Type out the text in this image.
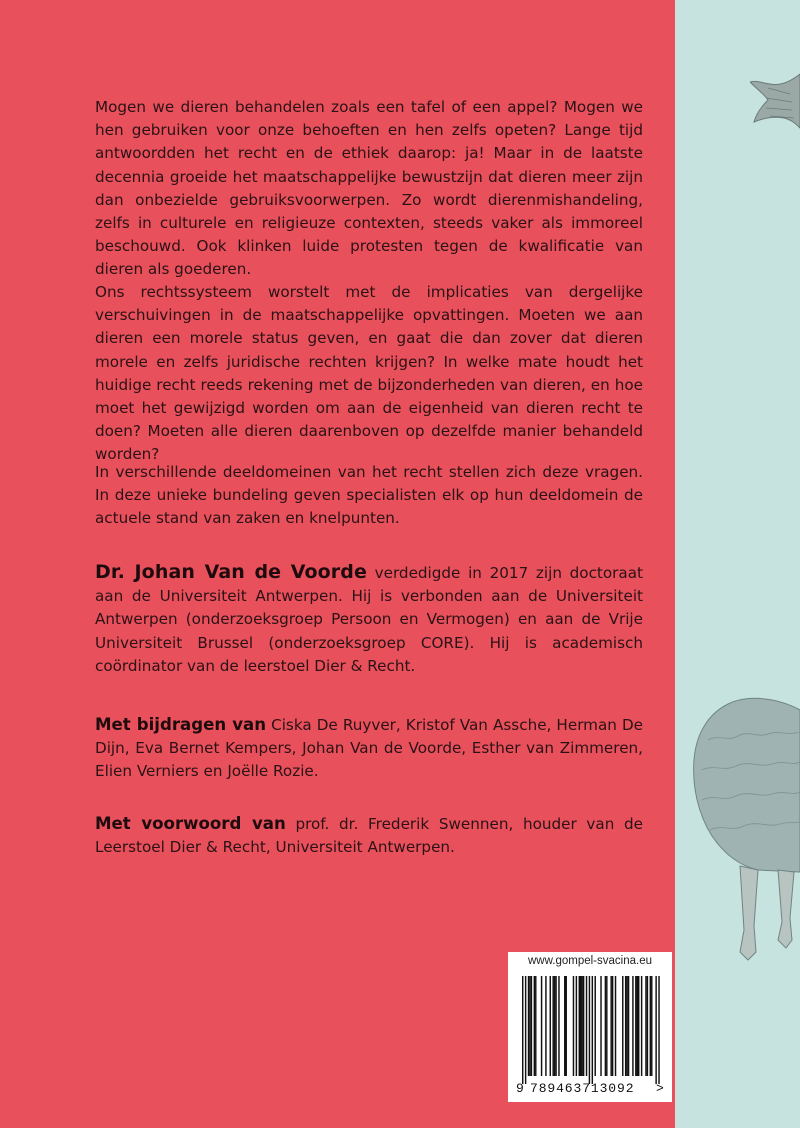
Mogen we dieren behandelen zoals een tafel of een appel? Mogen we hen gebruiken voor onze behoeften en hen zelfs opeten? Lange tijd antwoordden het recht en de ethiek daarop: ja! Maar in de laatste decennia groeide het maatschappelijke bewustzijn dat dieren meer zijn dan onbezielde gebruiksvoorwerpen. Zo wordt dierenmishandeling, zelfs in culturele en religieuze contexten, steeds vaker als immoreel beschouwd. Ook klinken luide protesten tegen de kwalificatie van dieren als goederen.

Ons rechtssysteem worstelt met de implicaties van dergelijke verschuivingen in de maatschappelijke opvattingen. Moeten we aan dieren een morele status geven, en gaat die dan zover dat dieren morele en zelfs juridische rechten krijgen? In welke mate houdt het huidige recht reeds rekening met de bijzonderheden van dieren, en hoe moet het gewijzigd worden om aan de eigenheid van dieren recht te doen? Moeten alle dieren daarenboven op dezelfde manier behandeld worden?

In verschillende deeldomeinen van het recht stellen zich deze vragen. In deze unieke bundeling geven specialisten elk op hun deeldomein de actuele stand van zaken en knelpunten.

Dr. Johan Van de Voorde verdedigde in 2017 zijn doctoraat aan de Universiteit Antwerpen. Hij is verbonden aan de Universiteit Antwerpen (onderzoeksgroep Persoon en Vermogen) en aan de Vrije Universiteit Brussel (onderzoeksgroep CORE). Hij is academisch coördinator van de leerstoel Dier & Recht.

Met bijdragen van Ciska De Ruyver, Kristof Van Assche, Herman De Dijn, Eva Bernet Kempers, Johan Van de Voorde, Esther van Zimmeren, Elien Verniers en Joëlle Rozie.

Met voorwoord van prof. dr. Frederik Swennen, houder van de Leerstoel Dier & Recht, Universiteit Antwerpen.

www.gompel-svacina.eu
9 789463713092 >
